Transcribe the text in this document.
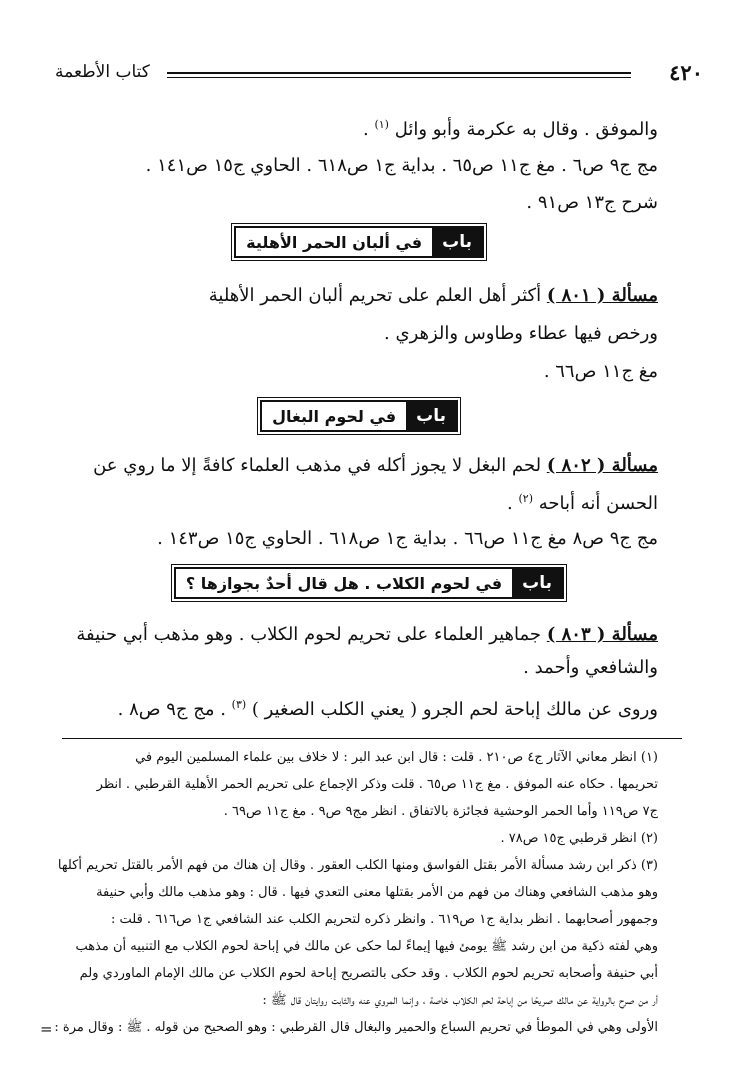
٤٢٠
كتاب الأطعمة
والموفق . وقال به عكرمة وأبو وائل $^{(١)}$ .
مج ج٩ ص٦ . مغ ج١١ ص٦٥ . بداية ج١ ص٦١٨ . الحاوي ج١٥ ص١٤١ .
شرح ج١٣ ص٩١ .
باب
في ألبان الحمر الأهلية
مسألة ( ٨٠١ ) أكثر أهل العلم على تحريم ألبان الحمر الأهلية
ورخص فيها عطاء وطاوس والزهري .
مغ ج١١ ص٦٦ .
باب
في لحوم البغال
مسألة ( ٨٠٢ ) لحم البغل لا يجوز أكله في مذهب العلماء كافةً إلا ما روي عن
الحسن أنه أباحه $^{(٢)}$ .
مج ج٩ ص٨ مغ ج١١ ص٦٦ . بداية ج١ ص٦١٨ . الحاوي ج١٥ ص١٤٣ .
باب
في لحوم الكلاب . هل قال أحدٌ بجوازها ؟
مسألة ( ٨٠٣ ) جماهير العلماء على تحريم لحوم الكلاب . وهو مذهب أبي حنيفة
والشافعي وأحمد .
وروى عن مالك إباحة لحم الجرو ( يعني الكلب الصغير ) $^{(٣)}$ . مج ج٩ ص٨ .
(١) انظر معاني الآثار ج٤ ص٢١٠ . قلت : قال ابن عبد البر : لا خلاف بين علماء المسلمين اليوم في
تحريمها . حكاه عنه الموفق . مغ ج١١ ص٦٥ . قلت وذكر الإجماع على تحريم الحمر الأهلية القرطبي . انظر
ج٧ ص١١٩ وأما الحمر الوحشية فجائزة بالاتفاق . انظر مج٩ ص٩ . مغ ج١١ ص٦٩ .
(٢) انظر قرطبي ج١٥ ص٧٨ .
(٣) ذكر ابن رشد مسألة الأمر بقتل الفواسق ومنها الكلب العقور . وقال إن هناك من فهم الأمر بالقتل تحريم أكلها
وهو مذهب الشافعي وهناك من فهم من الأمر بقتلها معنى التعدي فيها . قال : وهو مذهب مالك وأبي حنيفة
وجمهور أصحابهما . انظر بداية ج١ ص٦١٩ . وانظر ذكره لتحريم الكلب عند الشافعي ج١ ص٦١٦ . قلت :
وهي لفته ذكية من ابن رشد ﷺ يومئ فيها إيماءً لما حكى عن مالك في إباحة لحوم الكلاب مع التنبيه أن مذهب
أبي حنيفة وأصحابه تحريم لحوم الكلاب . وقد حكى بالتصريح إباحة لحوم الكلاب عن مالك الإمام الماوردي ولم
أر من صرح بالرواية عن مالك صريحًا من إباحة لحم الكلاب خاصة ، وإنما المروي عنه والثابت روايتان قال ﷺ :
الأولى وهي في الموطأ في تحريم السباع والحمير والبغال قال القرطبي : وهو الصحيح من قوله . ﷺ : وقال مرة :
=
